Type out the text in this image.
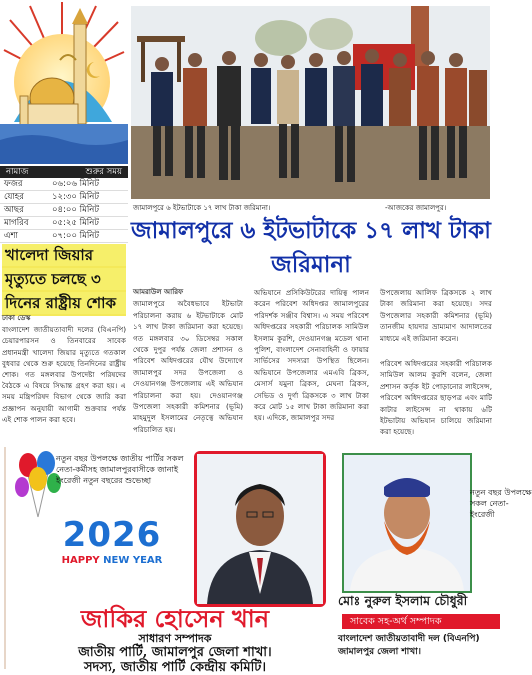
নামাজ	শুরুর সময়
ফজর	০৬:০৬ মিনিট
যোহর	১২:৩০ মিনিট
আছর	০৪:০০ মিনিট
মাগরিব	০৫:২৫ মিনিট
এশা	০৭:০০ মিনিট
খালেদা জিয়ার
মৃত্যুতে চলছে ৩
দিনের রাষ্ট্রীয় শোক
ঢাকা ডেস্ক
বাংলাদেশ জাতীয়তাবাদী দলের (বিএনপি) চেয়ারপারসন ও তিনবারের সাবেক প্রধানমন্ত্রী খালেদা জিয়ার মৃত্যুতে গতকাল বুধবার থেকে শুরু হয়েছে তিনদিনের রাষ্ট্রীয় শোক। গত মঙ্গলবার উপদেষ্টা পরিষদের বৈঠকে এ বিষয়ে সিদ্ধান্ত গ্রহণ করা হয়। এ সময় মন্ত্রিপরিষদ বিভাগ থেকে জারি করা প্রজ্ঞাপন অনুযায়ী আগামী শুক্রবার পর্যন্ত এই শোক পালন করা হবে।
জামালপুরে ৬ ইটভাটাকে ১৭ লাখ টাকা জরিমানা।	-আজকের জামালপুর।
জামালপুরে ৬ ইটভাটাকে ১৭ লাখ টাকা জরিমানা
আমরাউল আরিফ
জামালপুরে অবৈধভাবে ইটভাটা পরিচালনা করায় ৬ ইটভাটাকে মোট ১৭ লাখ টাকা জরিমানা করা হয়েছে। গত মঙ্গলবার ৩০ ডিসেম্বর সকাল থেকে দুপুর পর্যন্ত জেলা প্রশাসন ও পরিবেশ অধিদপ্তরের যৌথ উদ্যোগে জামালপুর সদর উপজেলা ও দেওয়ানগঞ্জ উপজেলায় এই অভিযান পরিচালনা করা হয়। দেওয়ানগঞ্জ উপজেলা সহকারী কমিশনার (ভূমি) মাহমুদুল ইসলামের নেতৃত্বে অভিযান পরিচালিত হয়।
অভিযানে প্রসিকিউটরের দায়িত্ব পালন করেন পরিবেশ অধিদপ্তর জামালপুরের পরিদর্শক সঞ্জীব বিশ্বাস। এ সময় পরিবেশ অধিদপ্তরের সহকারী পরিচালক সামিউল ইসলাম কুরশি, দেওয়ানগঞ্জ মডেল থানা পুলিশ, বাংলাদেশ সেনাবাহিনী ও ফায়ার সার্ভিসের সদস্যরা উপস্থিত ছিলেন। অভিযানে উপজেলার এমএবি ব্রিকস, মেসার্স যমুনা ব্রিকস, মেঘনা ব্রিকস, সেভিড ও দুর্গা ব্রিকসকে ৩ লাখ টাকা করে মোট ১৫ লাখ টাকা জরিমানা করা হয়। এদিকে, জামালপুর সদর
উপজেলায় আলিফ ব্রিকসকে ২ লাখ টাকা জরিমানা করা হয়েছে। সদর উপজেলার সহকারী কমিশনার (ভূমি) তানজীম হায়দার ভ্রাম্যমাণ আদালতের মাধ্যমে এই জরিমানা করেন।
পরিবেশ অধিদপ্তরের সহকারী পরিচালক সামিউল আলম কুরশি বলেন, জেলা প্রশাসন কর্তৃক ইট পোড়ানোর লাইসেন্স, পরিবেশ অধিদপ্তরের ছাড়পত্র এবং মাটি কাটার লাইসেন্স না থাকায় ৬টি ইটভাটায় অভিযান চালিয়ে জরিমানা করা হয়েছে।
নতুন বছর উপলক্ষে জাতীয় পার্টির সকল
নেতা-কর্মীসহ জামালপুরবাসীকে জানাই
ইংরেজী নতুন বছরের শুভেচ্ছা
2026
HAPPY NEW YEAR
জাকির হোসেন খান
সাধারণ সম্পাদক
জাতীয় পার্টি, জামালপুর জেলা শাখা।
সদস্য, জাতীয় পার্টি কেন্দ্রীয় কমিটি।
নতুন বছর উপলক্ষে
সকল নেতা-
ইংরেজী
মোঃ নুরুল ইসলাম চৌধুরী
সাবেক সহ-অর্থ সম্পাদক
বাংলাদেশ জাতীয়তাবাদী দল (বিএনপি)
জামালপুর জেলা শাখা।
